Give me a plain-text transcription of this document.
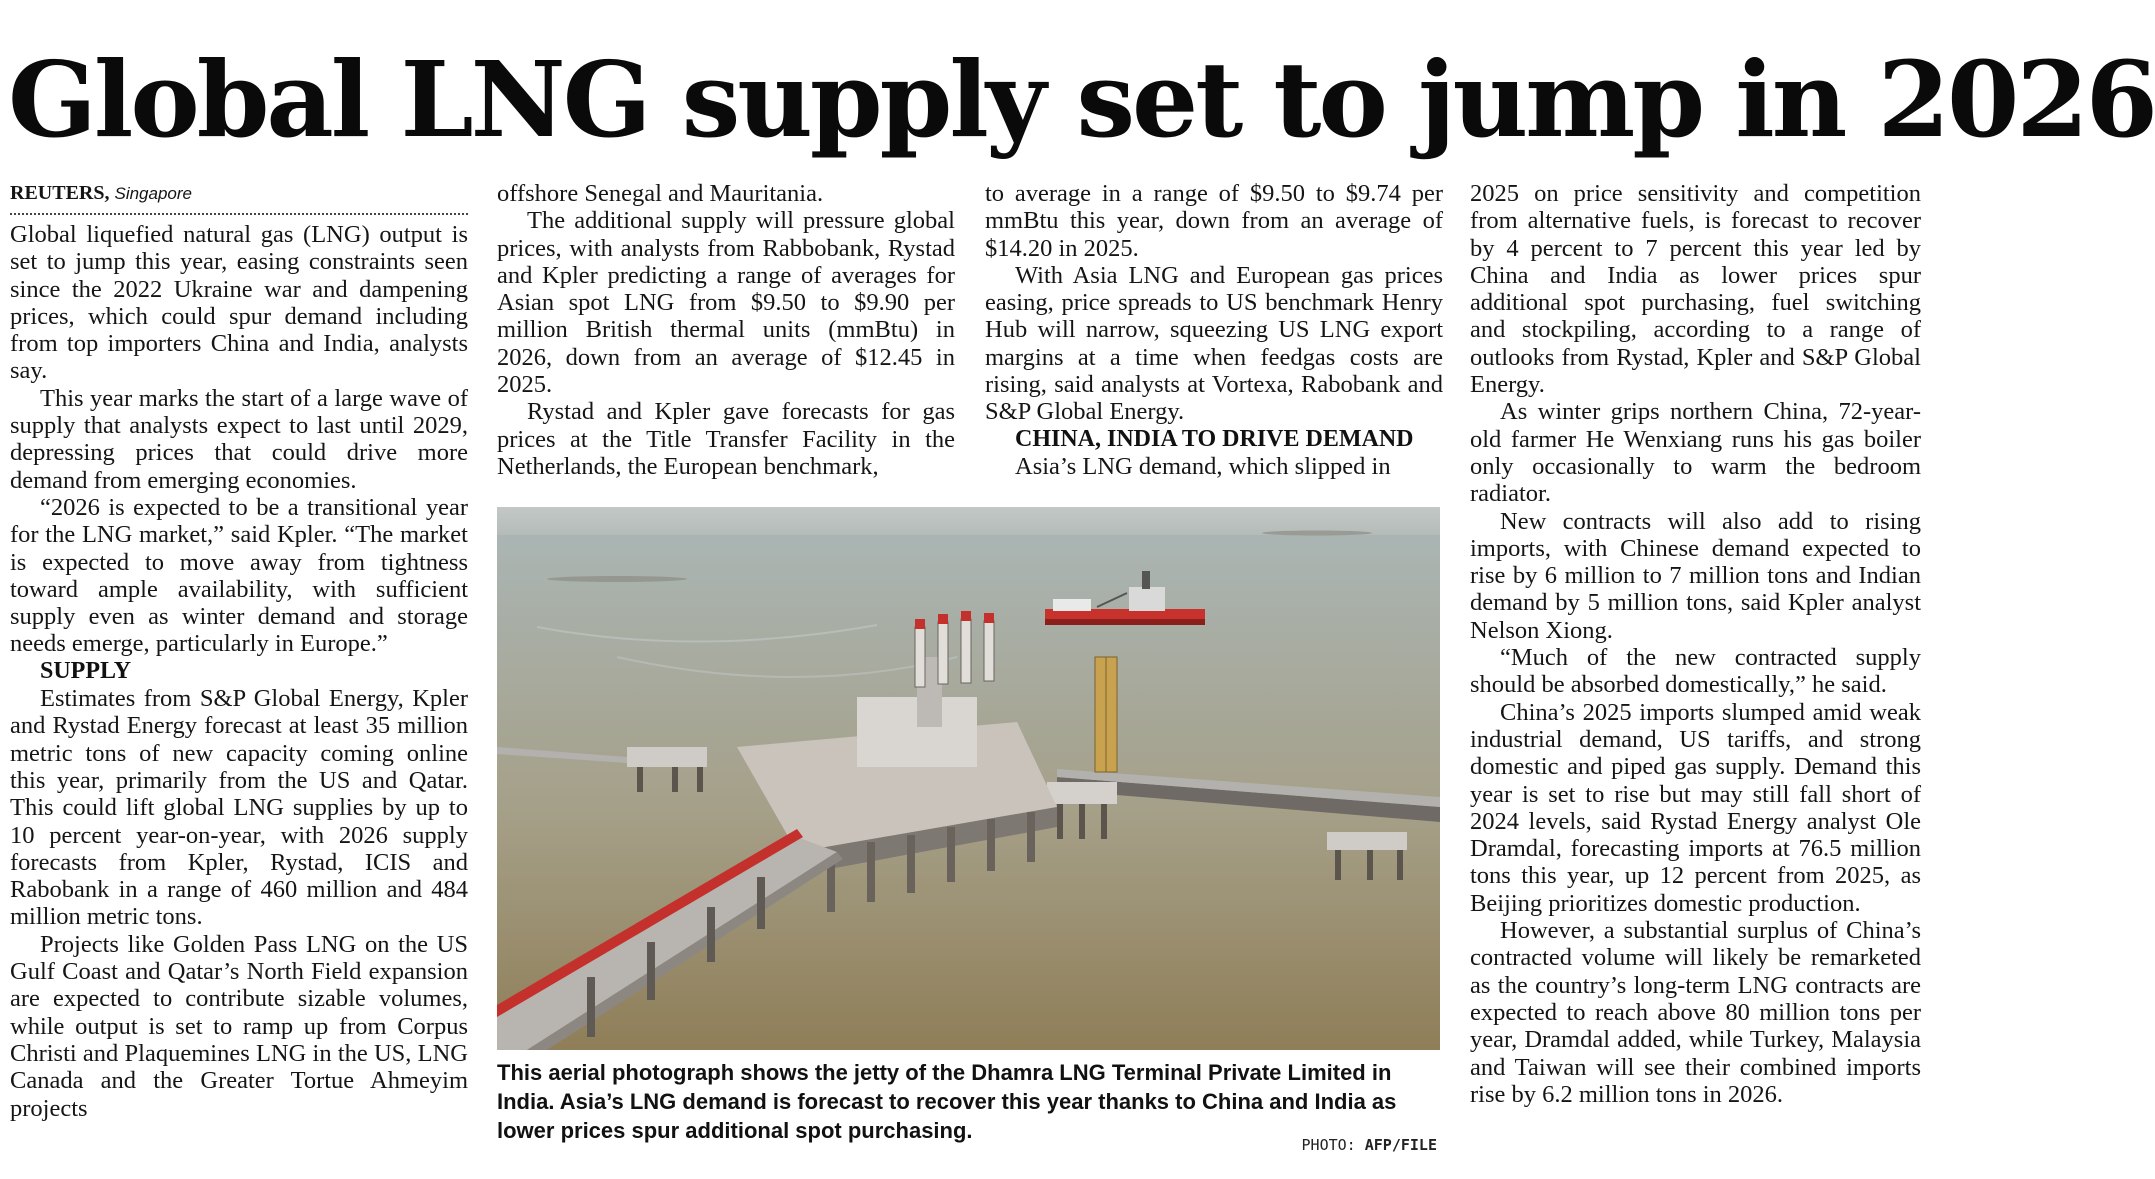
Global LNG supply set to jump in 2026
REUTERS, Singapore

Global liquefied natural gas (LNG) output is set to jump this year, easing constraints seen since the 2022 Ukraine war and dampening prices, which could spur demand including from top importers China and India, analysts say.

This year marks the start of a large wave of supply that analysts expect to last until 2029, depressing prices that could drive more demand from emerging economies.

“2026 is expected to be a transitional year for the LNG market,” said Kpler. “The market is expected to move away from tightness toward ample availability, with sufficient supply even as winter demand and storage needs emerge, particularly in Europe.”

SUPPLY

Estimates from S&P Global Energy, Kpler and Rystad Energy forecast at least 35 million metric tons of new capacity coming online this year, primarily from the US and Qatar. This could lift global LNG supplies by up to 10 percent year-on-year, with 2026 supply forecasts from Kpler, Rystad, ICIS and Rabobank in a range of 460 million and 484 million metric tons.

Projects like Golden Pass LNG on the US Gulf Coast and Qatar’s North Field expansion are expected to contribute sizable volumes, while output is set to ramp up from Corpus Christi and Plaquemines LNG in the US, LNG Canada and the Greater Tortue Ahmeyim projects

offshore Senegal and Mauritania.

The additional supply will pressure global prices, with analysts from Rabbobank, Rystad and Kpler predicting a range of averages for Asian spot LNG from $9.50 to $9.90 per million British thermal units (mmBtu) in 2026, down from an average of $12.45 in 2025.

Rystad and Kpler gave forecasts for gas prices at the Title Transfer Facility in the Netherlands, the European benchmark,

to average in a range of $9.50 to $9.74 per mmBtu this year, down from an average of $14.20 in 2025.

With Asia LNG and European gas prices easing, price spreads to US benchmark Henry Hub will narrow, squeezing US LNG export margins at a time when feedgas costs are rising, said analysts at Vortexa, Rabobank and S&P Global Energy.

CHINA, INDIA TO DRIVE DEMAND

Asia’s LNG demand, which slipped in

2025 on price sensitivity and competition from alternative fuels, is forecast to recover by 4 percent to 7 percent this year led by China and India as lower prices spur additional spot purchasing, fuel switching and stockpiling, according to a range of outlooks from Rystad, Kpler and S&P Global Energy.

As winter grips northern China, 72-year-old farmer He Wenxiang runs his gas boiler only occasionally to warm the bedroom radiator.

New contracts will also add to rising imports, with Chinese demand expected to rise by 6 million to 7 million tons and Indian demand by 5 million tons, said Kpler analyst Nelson Xiong.

“Much of the new contracted supply should be absorbed domestically,” he said.

China’s 2025 imports slumped amid weak industrial demand, US tariffs, and strong domestic and piped gas supply. Demand this year is set to rise but may still fall short of 2024 levels, said Rystad Energy analyst Ole Dramdal, forecasting imports at 76.5 million tons this year, up 12 percent from 2025, as Beijing prioritizes domestic production.

However, a substantial surplus of China’s contracted volume will likely be remarketed as the country’s long-term LNG contracts are expected to reach above 80 million tons per year, Dramdal added, while Turkey, Malaysia and Taiwan will see their combined imports rise by 6.2 million tons in 2026.

This aerial photograph shows the jetty of the Dhamra LNG Terminal Private Limited in India. Asia’s LNG demand is forecast to recover this year thanks to China and India as lower prices spur additional spot purchasing.
PHOTO: AFP/FILE
